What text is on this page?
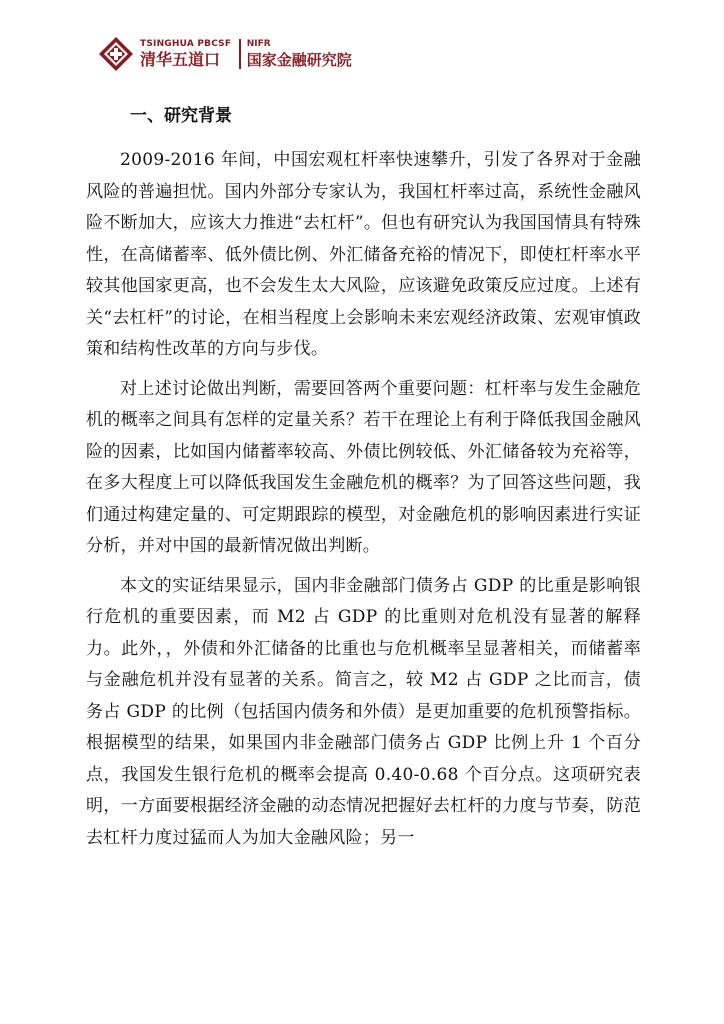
TSINGHUA PBCSF
清华五道口
NIFR
国家金融研究院
一、研究背景

2009-2016 年间，中国宏观杠杆率快速攀升，引发了各界对于金融风险的普遍担忧。国内外部分专家认为，我国杠杆率过高，系统性金融风险不断加大，应该大力推进“去杠杆”。但也有研究认为我国国情具有特殊性，在高储蓄率、低外债比例、外汇储备充裕的情况下，即使杠杆率水平较其他国家更高，也不会发生太大风险，应该避免政策反应过度。上述有关“去杠杆”的讨论，在相当程度上会影响未来宏观经济政策、宏观审慎政策和结构性改革的方向与步伐。

对上述讨论做出判断，需要回答两个重要问题：杠杆率与发生金融危机的概率之间具有怎样的定量关系？若干在理论上有利于降低我国金融风险的因素，比如国内储蓄率较高、外债比例较低、外汇储备较为充裕等，在多大程度上可以降低我国发生金融危机的概率？为了回答这些问题，我们通过构建定量的、可定期跟踪的模型，对金融危机的影响因素进行实证分析，并对中国的最新情况做出判断。

本文的实证结果显示，国内非金融部门债务占 GDP 的比重是影响银行危机的重要因素，而 M2 占 GDP 的比重则对危机没有显著的解释力。此外，，外债和外汇储备的比重也与危机概率呈显著相关，而储蓄率与金融危机并没有显著的关系。简言之，较 M2 占 GDP 之比而言，债务占 GDP 的比例（包括国内债务和外债）是更加重要的危机预警指标。根据模型的结果，如果国内非金融部门债务占 GDP 比例上升 1 个百分点，我国发生银行危机的概率会提高 0.40-0.68 个百分点。这项研究表明，一方面要根据经济金融的动态情况把握好去杠杆的力度与节奏，防范去杠杆力度过猛而人为加大金融风险；另一
